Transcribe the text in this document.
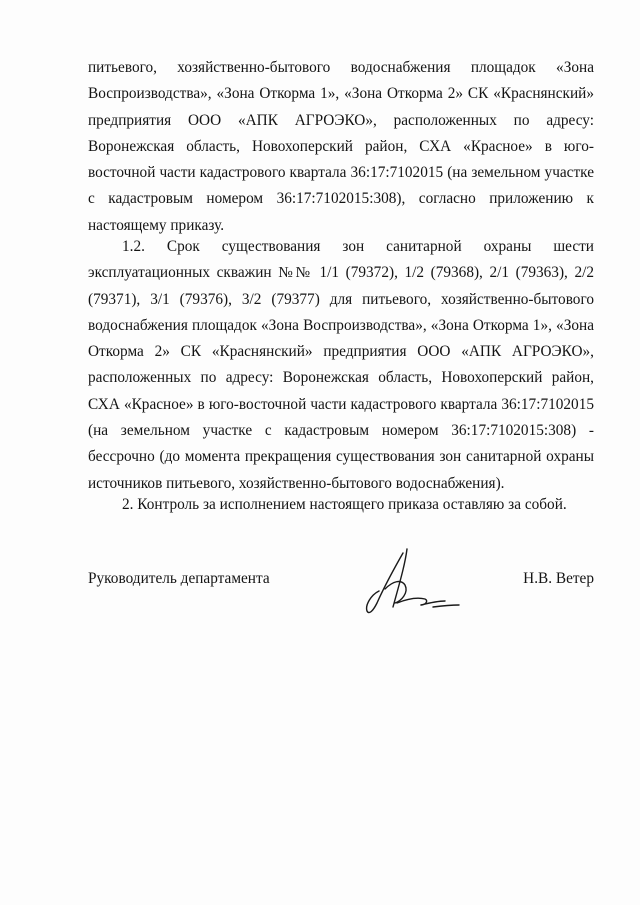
питьевого, хозяйственно-бытового водоснабжения площадок «Зона Воспроизводства», «Зона Откорма 1», «Зона Откорма 2» СК «Краснянский» предприятия ООО «АПК АГРОЭКО», расположенных по адресу: Воронежская область, Новохоперский район, СХА «Красное» в юго-восточной части кадастрового квартала 36:17:7102015 (на земельном участке с кадастровым номером 36:17:7102015:308), согласно приложению к настоящему приказу.

1.2. Срок существования зон санитарной охраны шести эксплуатационных скважин №№ 1/1 (79372), 1/2 (79368), 2/1 (79363), 2/2 (79371), 3/1 (79376), 3/2 (79377) для питьевого, хозяйственно-бытового водоснабжения площадок «Зона Воспроизводства», «Зона Откорма 1», «Зона Откорма 2» СК «Краснянский» предприятия ООО «АПК АГРОЭКО», расположенных по адресу: Воронежская область, Новохоперский район, СХА «Красное» в юго-восточной части кадастрового квартала 36:17:7102015 (на земельном участке с кадастровым номером 36:17:7102015:308) - бессрочно (до момента прекращения существования зон санитарной охраны источников питьевого, хозяйственно-бытового водоснабжения).

2. Контроль за исполнением настоящего приказа оставляю за собой.

Руководитель департамента	Н.В. Ветер
